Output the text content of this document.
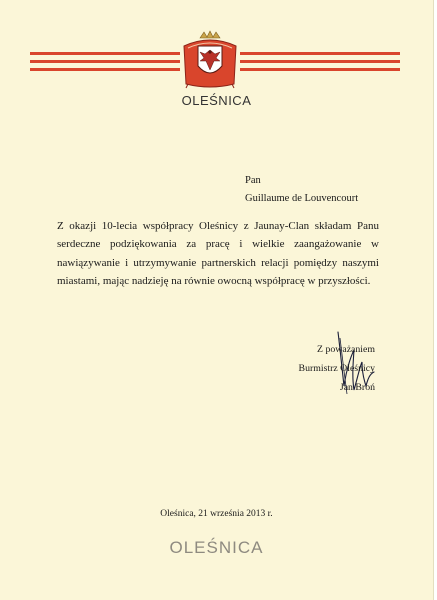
OLEŚNICA
Pan
Guillaume de Louvencourt

Z okazji 10-lecia współpracy Oleśnicy z Jaunay-Clan składam Panu serdeczne podziękowania za pracę i wielkie zaangażowanie w nawiązywanie i utrzymywanie partnerskich relacji pomiędzy naszymi miastami, mając nadzieję na równie owocną współpracę w przyszłości.

Z poważaniem
Burmistrz Oleśnicy
Jan Broń
Oleśnica, 21 września 2013 r.
OLEŚNICA
